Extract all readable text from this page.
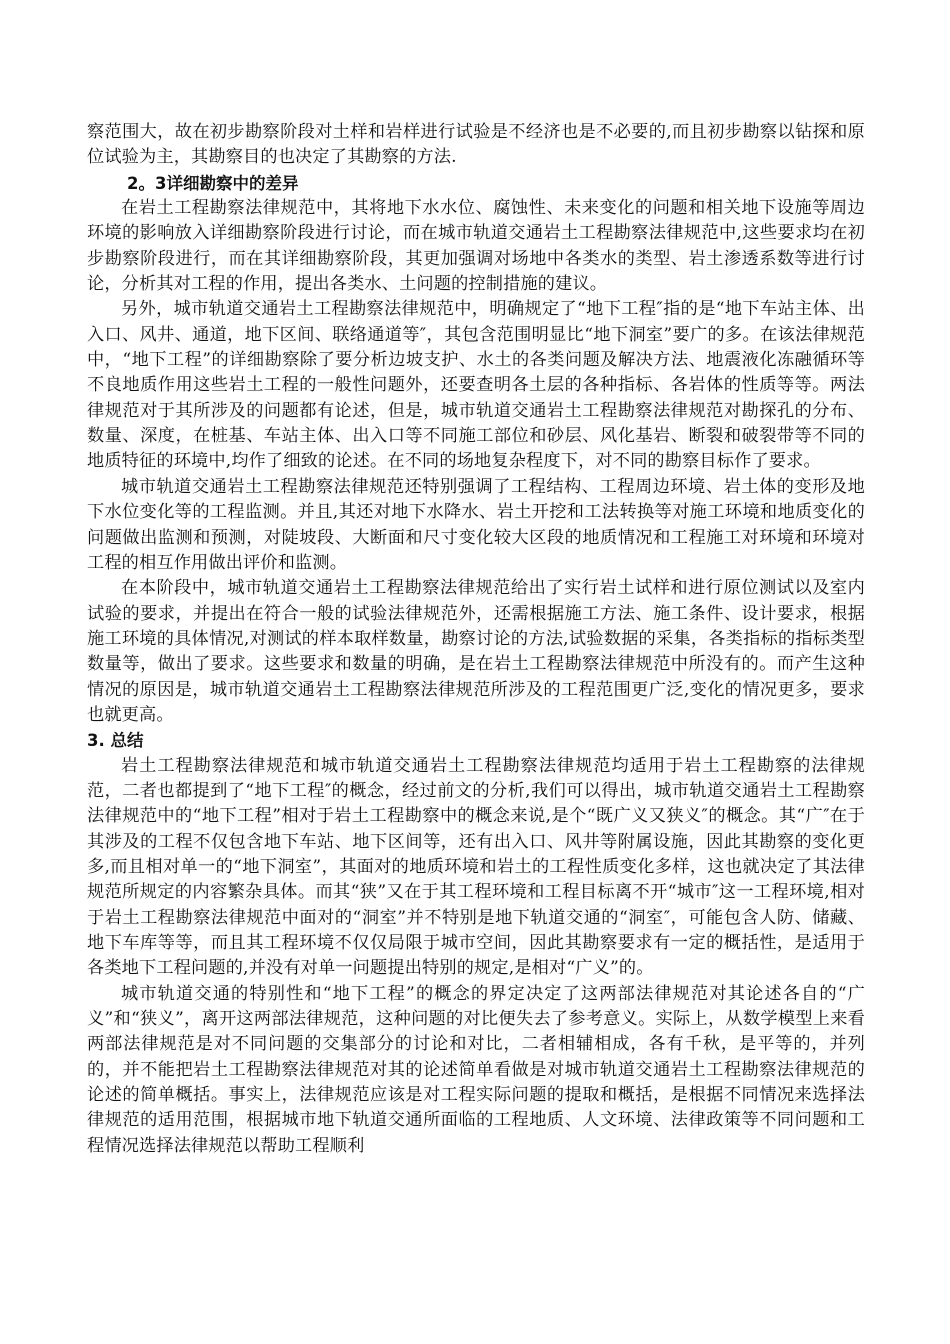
察范围大，故在初步勘察阶段对土样和岩样进行试验是不经济也是不必要的,而且初步勘察以钻探和原位试验为主，其勘察目的也决定了其勘察的方法.

2。3详细勘察中的差异

在岩土工程勘察法律规范中，其将地下水水位、腐蚀性、未来变化的问题和相关地下设施等周边环境的影响放入详细勘察阶段进行讨论，而在城市轨道交通岩土工程勘察法律规范中,这些要求均在初步勘察阶段进行，而在其详细勘察阶段，其更加强调对场地中各类水的类型、岩土渗透系数等进行讨论，分析其对工程的作用，提出各类水、土问题的控制措施的建议。

另外，城市轨道交通岩土工程勘察法律规范中，明确规定了“地下工程″指的是“地下车站主体、出入口、风井、通道，地下区间、联络通道等″，其包含范围明显比“地下洞室”要广的多。在该法律规范中，“地下工程”的详细勘察除了要分析边坡支护、水土的各类问题及解决方法、地震液化冻融循环等不良地质作用这些岩土工程的一般性问题外，还要查明各土层的各种指标、各岩体的性质等等。两法律规范对于其所涉及的问题都有论述，但是，城市轨道交通岩土工程勘察法律规范对勘探孔的分布、数量、深度，在桩基、车站主体、出入口等不同施工部位和砂层、风化基岩、断裂和破裂带等不同的地质特征的环境中,均作了细致的论述。在不同的场地复杂程度下，对不同的勘察目标作了要求。

城市轨道交通岩土工程勘察法律规范还特别强调了工程结构、工程周边环境、岩土体的变形及地下水位变化等的工程监测。并且,其还对地下水降水、岩土开挖和工法转换等对施工环境和地质变化的问题做出监测和预测，对陡坡段、大断面和尺寸变化较大区段的地质情况和工程施工对环境和环境对工程的相互作用做出评价和监测。

在本阶段中，城市轨道交通岩土工程勘察法律规范给出了实行岩土试样和进行原位测试以及室内试验的要求，并提出在符合一般的试验法律规范外，还需根据施工方法、施工条件、设计要求，根据施工环境的具体情况,对测试的样本取样数量，勘察讨论的方法,试验数据的采集，各类指标的指标类型数量等，做出了要求。这些要求和数量的明确，是在岩土工程勘察法律规范中所没有的。而产生这种情况的原因是，城市轨道交通岩土工程勘察法律规范所涉及的工程范围更广泛,变化的情况更多，要求也就更高。

3. 总结

岩土工程勘察法律规范和城市轨道交通岩土工程勘察法律规范均适用于岩土工程勘察的法律规范，二者也都提到了“地下工程″的概念，经过前文的分析,我们可以得出，城市轨道交通岩土工程勘察法律规范中的“地下工程”相对于岩土工程勘察中的概念来说,是个“既广义又狭义″的概念。其“广″在于其涉及的工程不仅包含地下车站、地下区间等，还有出入口、风井等附属设施，因此其勘察的变化更多,而且相对单一的“地下洞室”，其面对的地质环境和岩土的工程性质变化多样，这也就决定了其法律规范所规定的内容繁杂具体。而其“狭”又在于其工程环境和工程目标离不开“城市″这一工程环境,相对于岩土工程勘察法律规范中面对的“洞室”并不特别是地下轨道交通的“洞室″，可能包含人防、储藏、地下车库等等，而且其工程环境不仅仅局限于城市空间，因此其勘察要求有一定的概括性，是适用于各类地下工程问题的,并没有对单一问题提出特别的规定,是相对“广义”的。

城市轨道交通的特别性和“地下工程”的概念的界定决定了这两部法律规范对其论述各自的“广义”和“狭义”，离开这两部法律规范，这种问题的对比便失去了参考意义。实际上，从数学模型上来看两部法律规范是对不同问题的交集部分的讨论和对比，二者相辅相成，各有千秋，是平等的，并列的，并不能把岩土工程勘察法律规范对其的论述简单看做是对城市轨道交通岩土工程勘察法律规范的论述的简单概括。事实上，法律规范应该是对工程实际问题的提取和概括，是根据不同情况来选择法律规范的适用范围，根据城市地下轨道交通所面临的工程地质、人文环境、法律政策等不同问题和工程情况选择法律规范以帮助工程顺利
